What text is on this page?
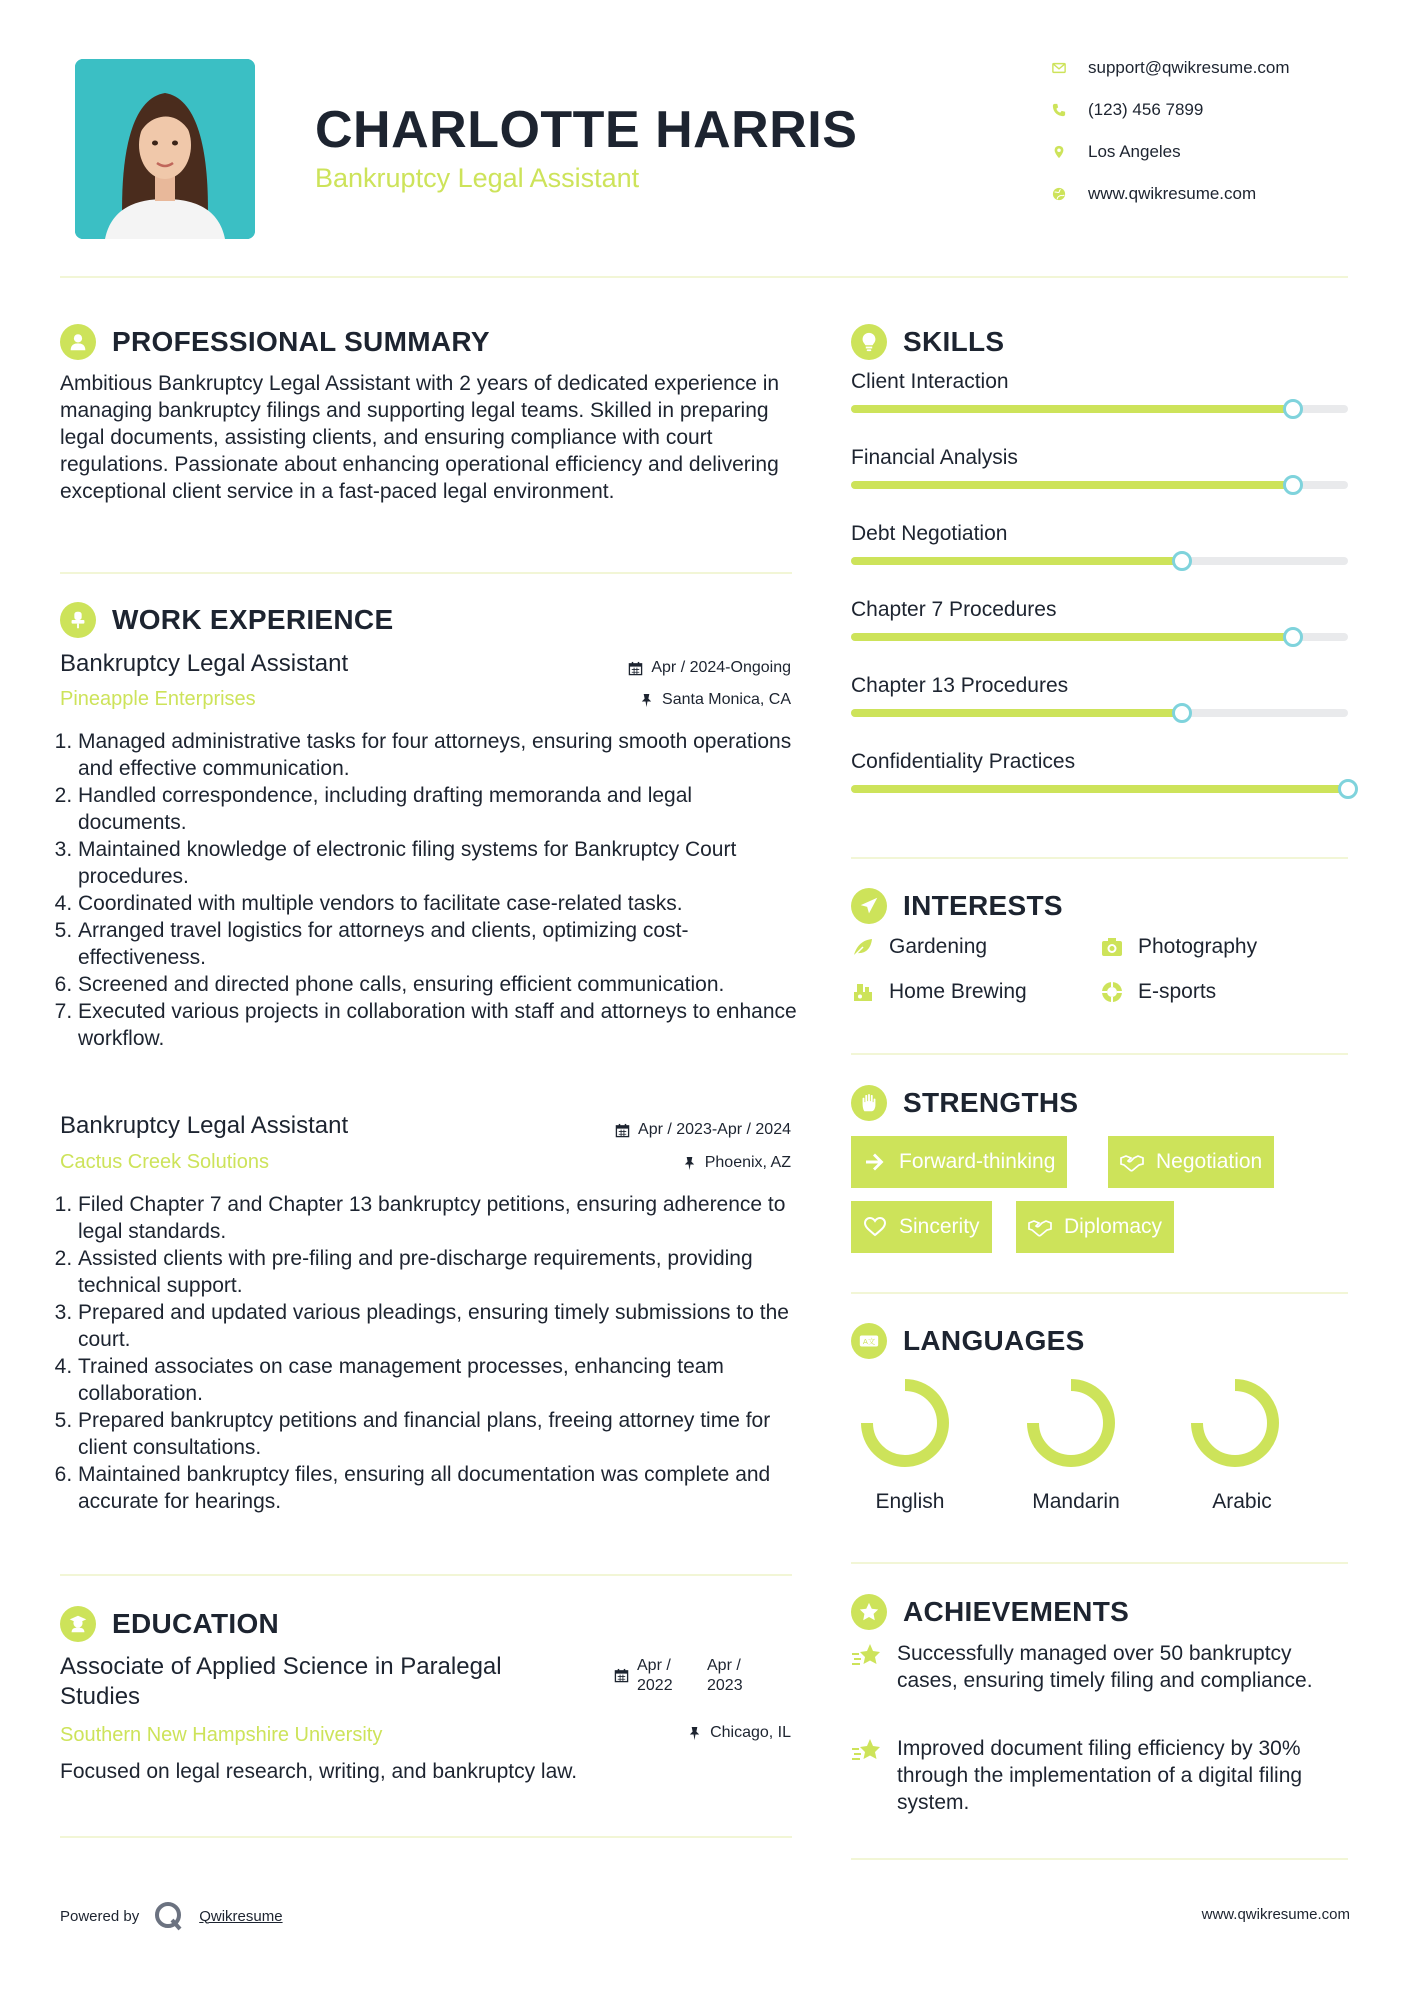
CHARLOTTE HARRIS
Bankruptcy Legal Assistant
support@qwikresume.com
(123) 456 7899
Los Angeles
www.qwikresume.com
PROFESSIONAL SUMMARY
Ambitious Bankruptcy Legal Assistant with 2 years of dedicated experience in managing bankruptcy filings and supporting legal teams. Skilled in preparing legal documents, assisting clients, and ensuring compliance with court regulations. Passionate about enhancing operational efficiency and delivering exceptional client service in a fast-paced legal environment.
WORK EXPERIENCE
Bankruptcy Legal Assistant	Apr / 2024-Ongoing
Pineapple Enterprises	Santa Monica, CA
1. Managed administrative tasks for four attorneys, ensuring smooth operations and effective communication.
2. Handled correspondence, including drafting memoranda and legal documents.
3. Maintained knowledge of electronic filing systems for Bankruptcy Court procedures.
4. Coordinated with multiple vendors to facilitate case-related tasks.
5. Arranged travel logistics for attorneys and clients, optimizing cost-effectiveness.
6. Screened and directed phone calls, ensuring efficient communication.
7. Executed various projects in collaboration with staff and attorneys to enhance workflow.
Bankruptcy Legal Assistant	Apr / 2023-Apr / 2024
Cactus Creek Solutions	Phoenix, AZ
1. Filed Chapter 7 and Chapter 13 bankruptcy petitions, ensuring adherence to legal standards.
2. Assisted clients with pre-filing and pre-discharge requirements, providing technical support.
3. Prepared and updated various pleadings, ensuring timely submissions to the court.
4. Trained associates on case management processes, enhancing team collaboration.
5. Prepared bankruptcy petitions and financial plans, freeing attorney time for client consultations.
6. Maintained bankruptcy files, ensuring all documentation was complete and accurate for hearings.
EDUCATION
Associate of Applied Science in Paralegal Studies
Apr / 2022
Apr / 2023
Southern New Hampshire University	Chicago, IL
Focused on legal research, writing, and bankruptcy law.
SKILLS
Client Interaction
Financial Analysis
Debt Negotiation
Chapter 7 Procedures
Chapter 13 Procedures
Confidentiality Practices
INTERESTS
Gardening	Photography
Home Brewing	E-sports
STRENGTHS
Forward-thinking	Negotiation
Sincerity	Diplomacy
A文 LANGUAGES
English	Mandarin	Arabic
ACHIEVEMENTS
Successfully managed over 50 bankruptcy cases, ensuring timely filing and compliance.
Improved document filing efficiency by 30% through the implementation of a digital filing system.
Powered by	Qwikresume	www.qwikresume.com
